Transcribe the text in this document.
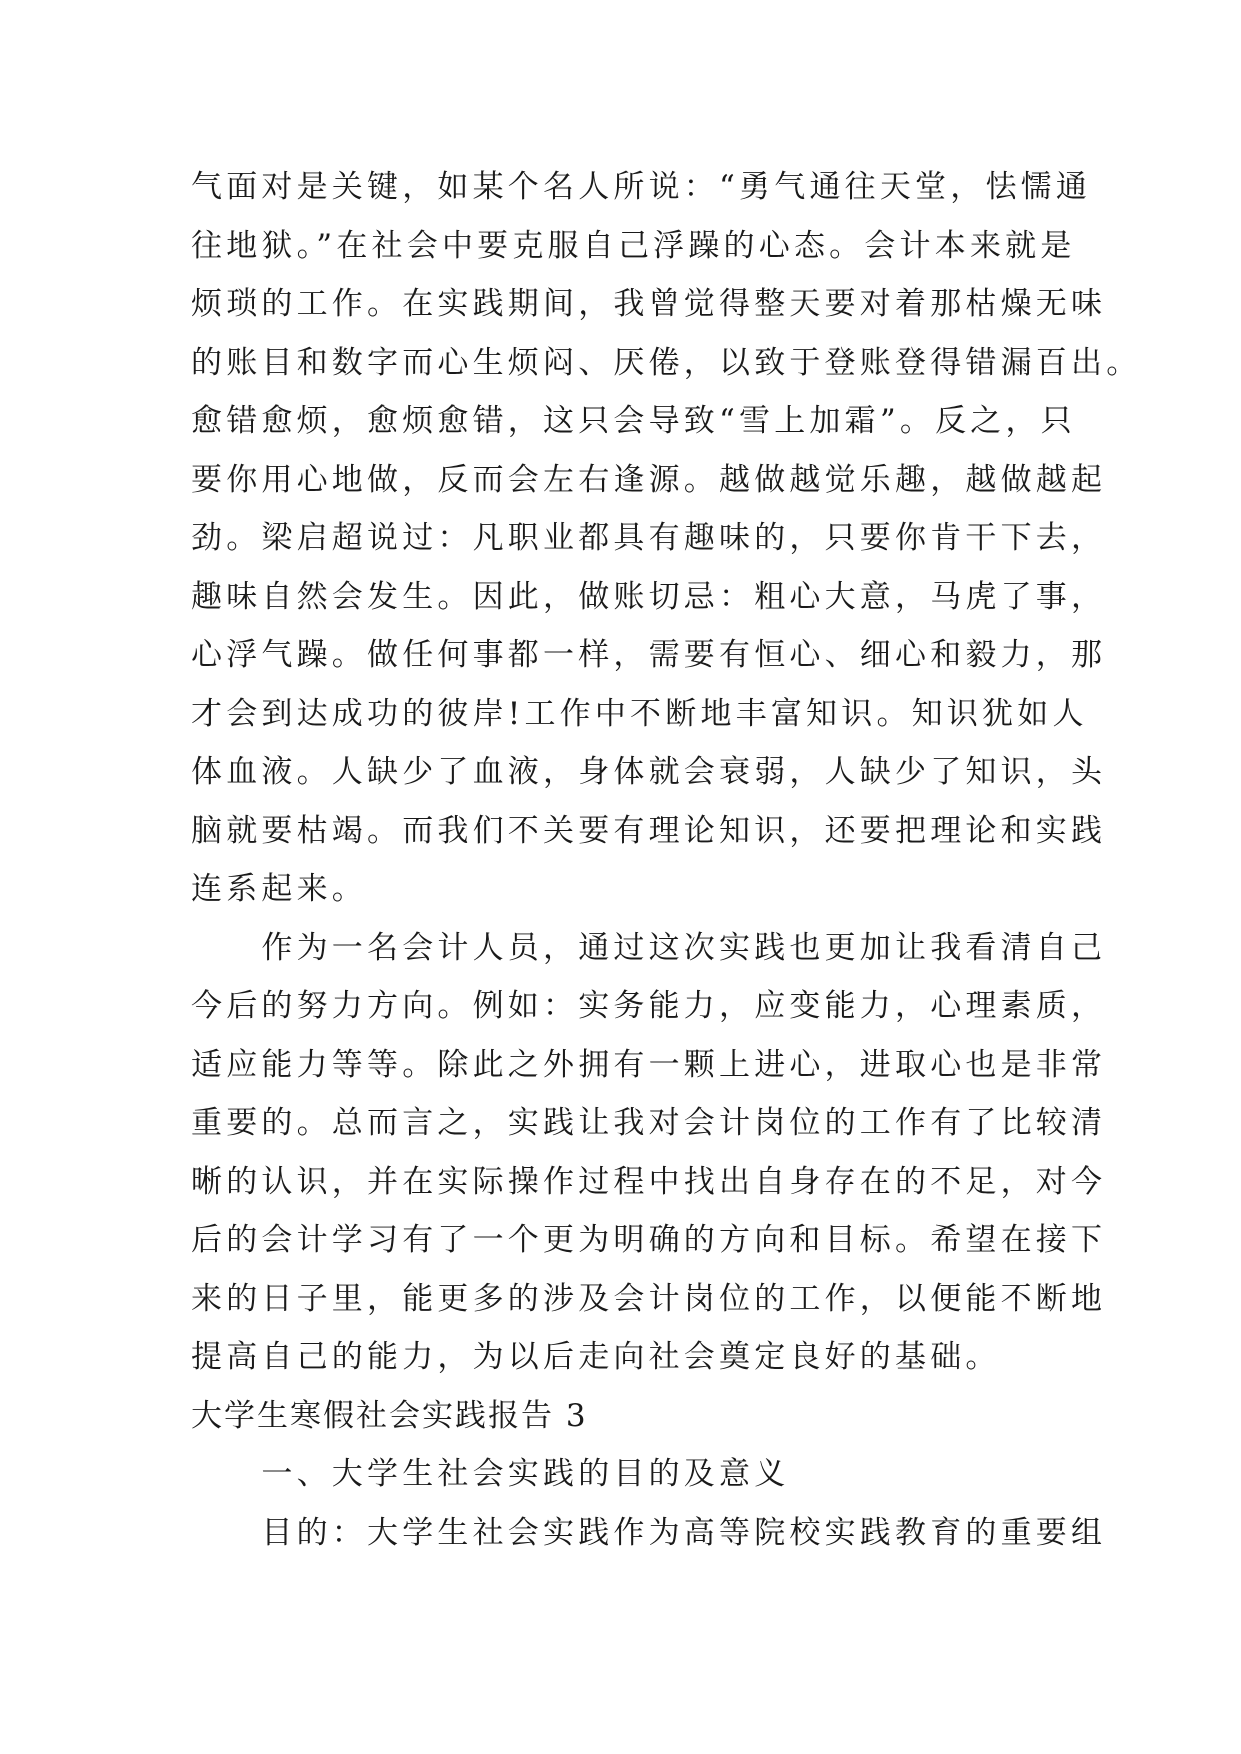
气面对是关键，如某个名人所说：“勇气通往天堂，怯懦通
往地狱。”在社会中要克服自己浮躁的心态。会计本来就是
烦琐的工作。在实践期间，我曾觉得整天要对着那枯燥无味
的账目和数字而心生烦闷、厌倦，以致于登账登得错漏百出。
愈错愈烦，愈烦愈错，这只会导致“雪上加霜”。反之，只
要你用心地做，反而会左右逢源。越做越觉乐趣，越做越起
劲。梁启超说过：凡职业都具有趣味的，只要你肯干下去，
趣味自然会发生。因此，做账切忌：粗心大意，马虎了事，
心浮气躁。做任何事都一样，需要有恒心、细心和毅力，那
才会到达成功的彼岸!工作中不断地丰富知识。知识犹如人
体血液。人缺少了血液，身体就会衰弱，人缺少了知识，头
脑就要枯竭。而我们不关要有理论知识，还要把理论和实践
连系起来。
　　作为一名会计人员，通过这次实践也更加让我看清自己
今后的努力方向。例如：实务能力，应变能力，心理素质，
适应能力等等。除此之外拥有一颗上进心，进取心也是非常
重要的。总而言之，实践让我对会计岗位的工作有了比较清
晰的认识，并在实际操作过程中找出自身存在的不足，对今
后的会计学习有了一个更为明确的方向和目标。希望在接下
来的日子里，能更多的涉及会计岗位的工作，以便能不断地
提高自己的能力，为以后走向社会奠定良好的基础。
大学生寒假社会实践报告 3
　　一、大学生社会实践的目的及意义
　　目的：大学生社会实践作为高等院校实践教育的重要组
